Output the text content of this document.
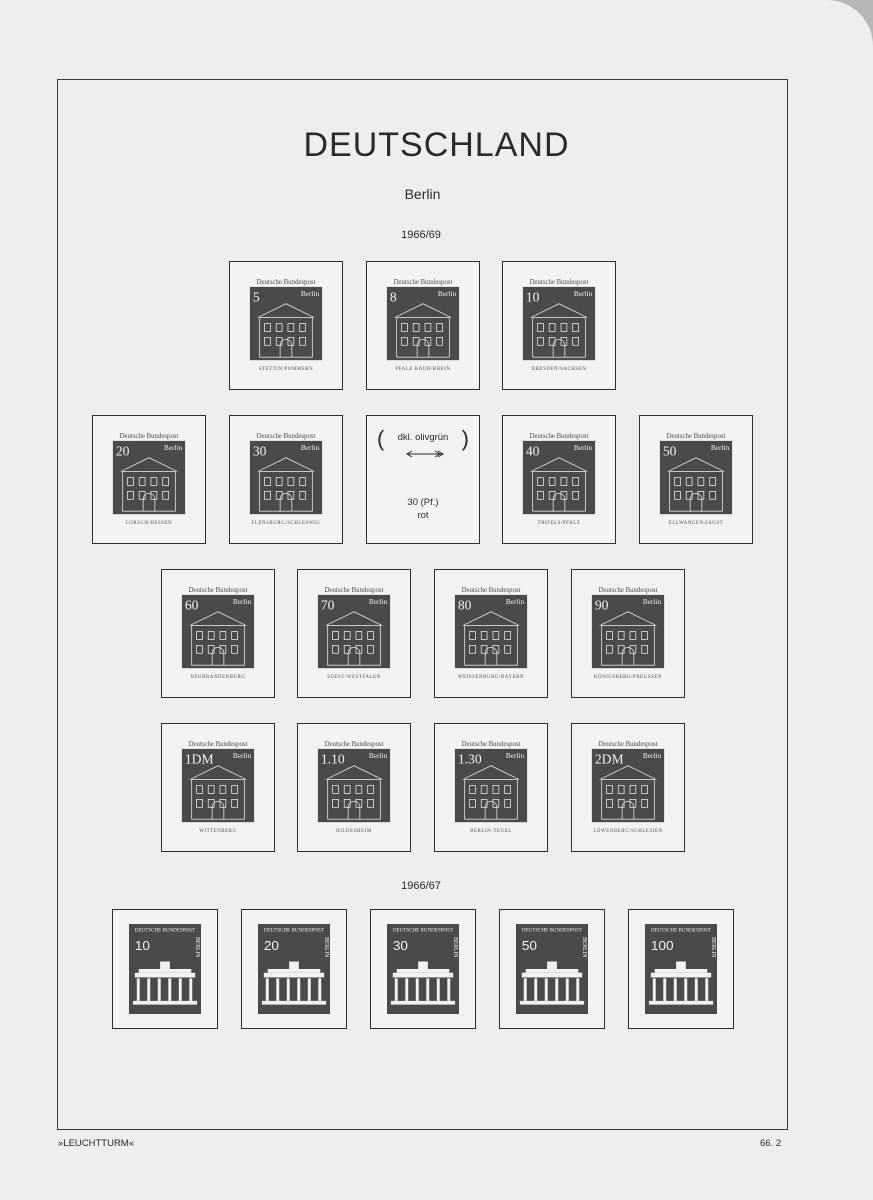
DEUTSCHLAND
Berlin
1966/69
1966/67
Deutsche Bundespost
5	Berlin
STETTIN/POMMERN
Deutsche Bundespost
8	Berlin
PFALZ KAUB/RHEIN
Deutsche Bundespost
10	Berlin
DRESDEN/SACHSEN
Deutsche Bundespost
20	Berlin
LORSCH/HESSEN
Deutsche Bundespost
30	Berlin
FLENSBURG/SCHLESWIG
(	)
dkl. olivgrün
30 (Pf.)
rot
Deutsche Bundespost
40	Berlin
TRIFELS/PFALZ
Deutsche Bundespost
50	Berlin
ELLWANGEN/JAGST
Deutsche Bundespost
60	Berlin
NEUBRANDENBURG
Deutsche Bundespost
70	Berlin
SOEST/WESTFALEN
Deutsche Bundespost
80	Berlin
WEISSENBURG/BAYERN
Deutsche Bundespost
90	Berlin
KÖNIGSBERG/PREUSSEN
Deutsche Bundespost
1DM	Berlin
WITTENBERG
Deutsche Bundespost
1.10	Berlin
HILDESHEIM
Deutsche Bundespost
1.30	Berlin
BERLIN-TEGEL
Deutsche Bundespost
2DM	Berlin
LÖWENBERG/SCHLESIEN
DEUTSCHE BUNDESPOST
10	BERLIN
DEUTSCHE BUNDESPOST
20	BERLIN
DEUTSCHE BUNDESPOST
30	BERLIN
DEUTSCHE BUNDESPOST
50	BERLIN
DEUTSCHE BUNDESPOST
100	BERLIN
»LEUCHTTURM«	66. 2
